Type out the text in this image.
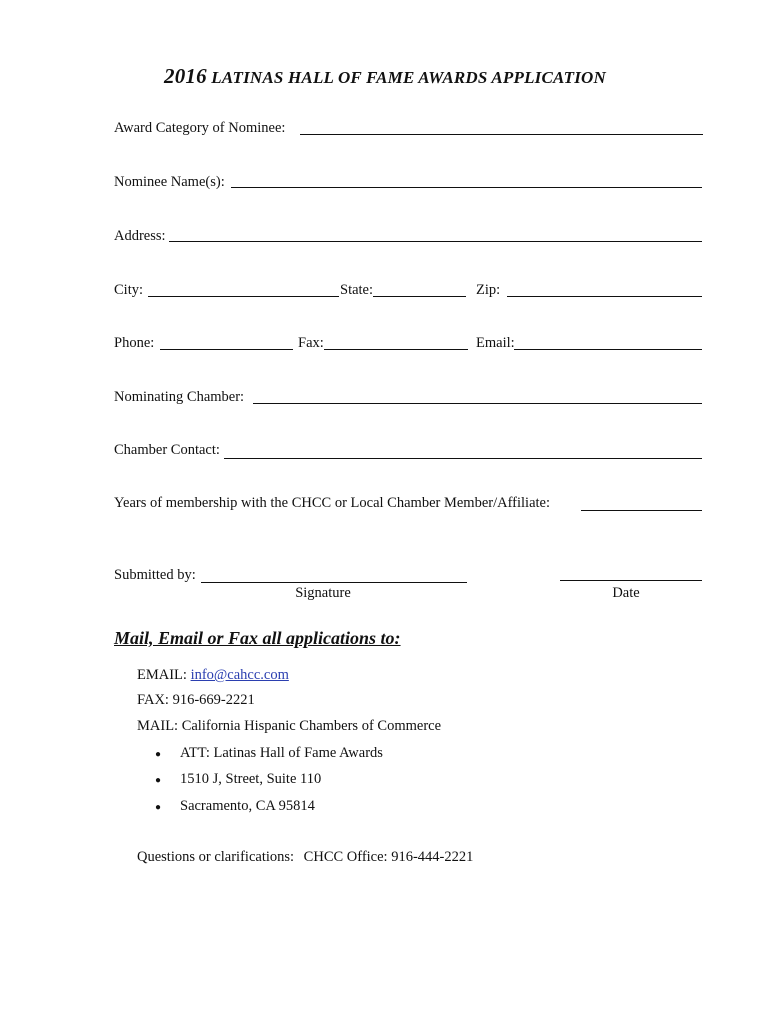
2016 LATINAS HALL OF FAME AWARDS APPLICATION
Award Category of Nominee:
Nominee Name(s):
Address:
City:	State:	Zip:
Phone:	Fax:	Email:
Nominating Chamber:
Chamber Contact:
Years of membership with the CHCC or Local Chamber Member/Affiliate:
Submitted by:
Signature	Date
Mail, Email or Fax all applications to:
EMAIL: info@cahcc.com
FAX: 916-669-2221
MAIL: California Hispanic Chambers of Commerce
● ATT: Latinas Hall of Fame Awards
● 1510 J, Street, Suite 110
● Sacramento, CA 95814
Questions or clarifications: CHCC Office: 916-444-2221
